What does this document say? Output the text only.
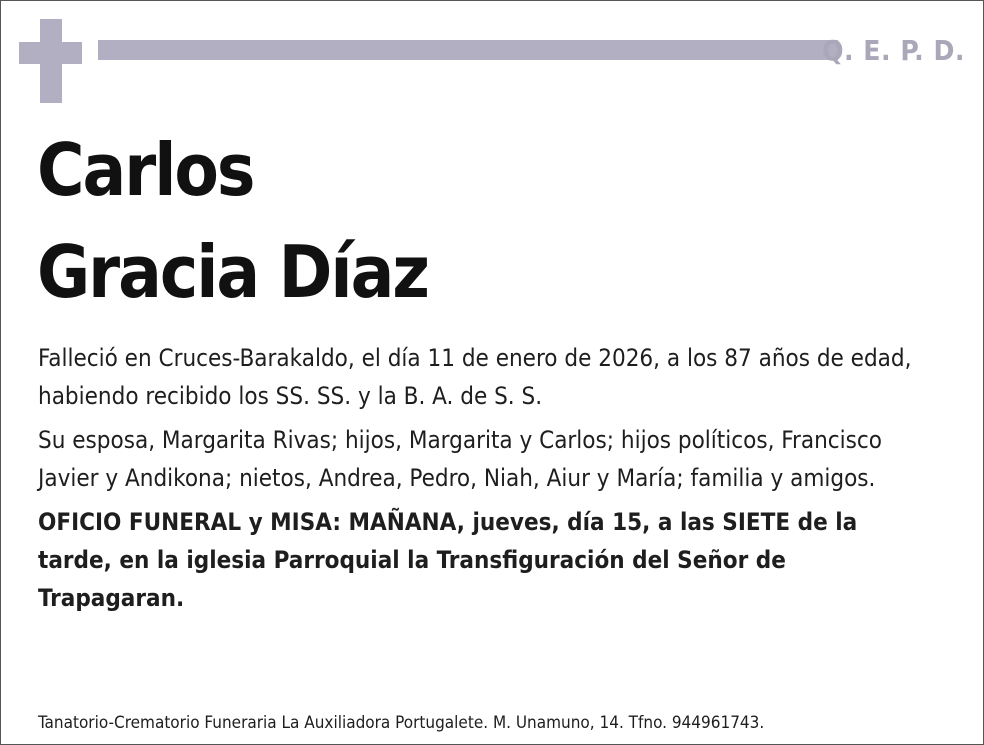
Q. E. P. D.
Carlos
Gracia Díaz

Falleció en Cruces-Barakaldo, el día 11 de enero de 2026, a los 87 años de edad, habiendo recibido los SS. SS. y la B. A. de S. S.

Su esposa, Margarita Rivas; hijos, Margarita y Carlos; hijos políticos, Francisco Javier y Andikona; nietos, Andrea, Pedro, Niah, Aiur y María; familia y amigos.

OFICIO FUNERAL y MISA: MAÑANA, jueves, día 15, a las SIETE de la tarde, en la iglesia Parroquial la Transfiguración del Señor de Trapagaran.

Tanatorio-Crematorio Funeraria La Auxiliadora Portugalete. M. Unamuno, 14. Tfno. 944961743.
